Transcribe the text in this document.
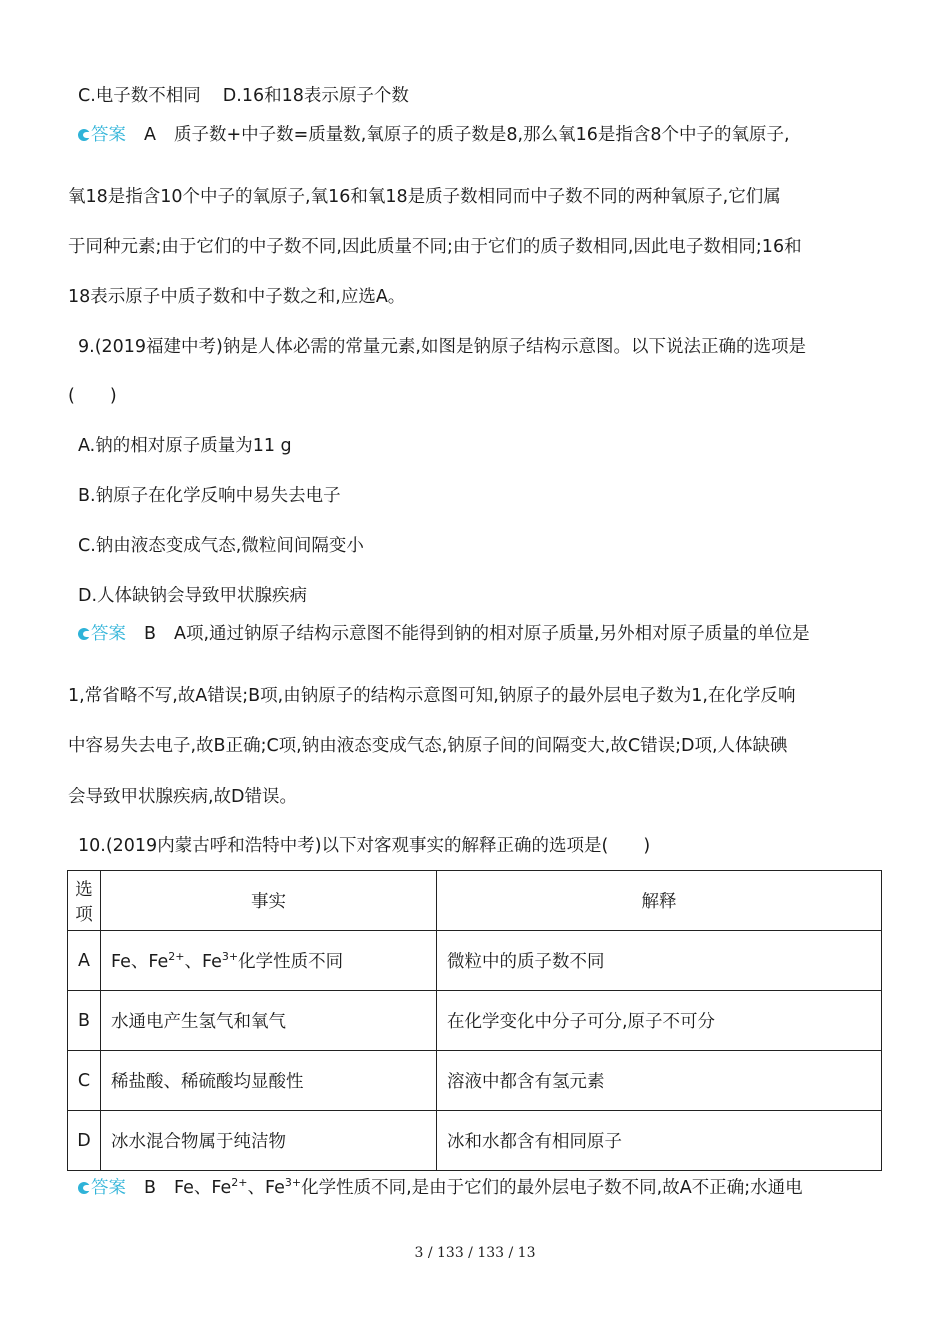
C.电子数不相同 D.16和18表示原子个数
答案 A 质子数+中子数=质量数,氧原子的质子数是8,那么氧16是指含8个中子的氧原子,
氧18是指含10个中子的氧原子,氧16和氧18是质子数相同而中子数不同的两种氧原子,它们属
于同种元素;由于它们的中子数不同,因此质量不同;由于它们的质子数相同,因此电子数相同;16和
18表示原子中质子数和中子数之和,应选A。
9.(2019福建中考)钠是人体必需的常量元素,如图是钠原子结构示意图。以下说法正确的选项是
(　　)
A.钠的相对原子质量为11 g
B.钠原子在化学反响中易失去电子
C.钠由液态变成气态,微粒间间隔变小
D.人体缺钠会导致甲状腺疾病
答案 B A项,通过钠原子结构示意图不能得到钠的相对原子质量,另外相对原子质量的单位是
1,常省略不写,故A错误;B项,由钠原子的结构示意图可知,钠原子的最外层电子数为1,在化学反响
中容易失去电子,故B正确;C项,钠由液态变成气态,钠原子间的间隔变大,故C错误;D项,人体缺碘
会导致甲状腺疾病,故D错误。
10.(2019内蒙古呼和浩特中考)以下对客观事实的解释正确的选项是(　　)
选项	事实	解释
A	Fe、$Fe^{2+}$、$Fe^{3+}$化学性质不同	微粒中的质子数不同
B	水通电产生氢气和氧气	在化学变化中分子可分,原子不可分
C	稀盐酸、稀硫酸均显酸性	溶液中都含有氢元素
D	冰水混合物属于纯洁物	冰和水都含有相同原子
答案 B Fe、$Fe^{2+}$、$Fe^{3+}$化学性质不同,是由于它们的最外层电子数不同,故A不正确;水通电
3 / 133 / 133 / 13
